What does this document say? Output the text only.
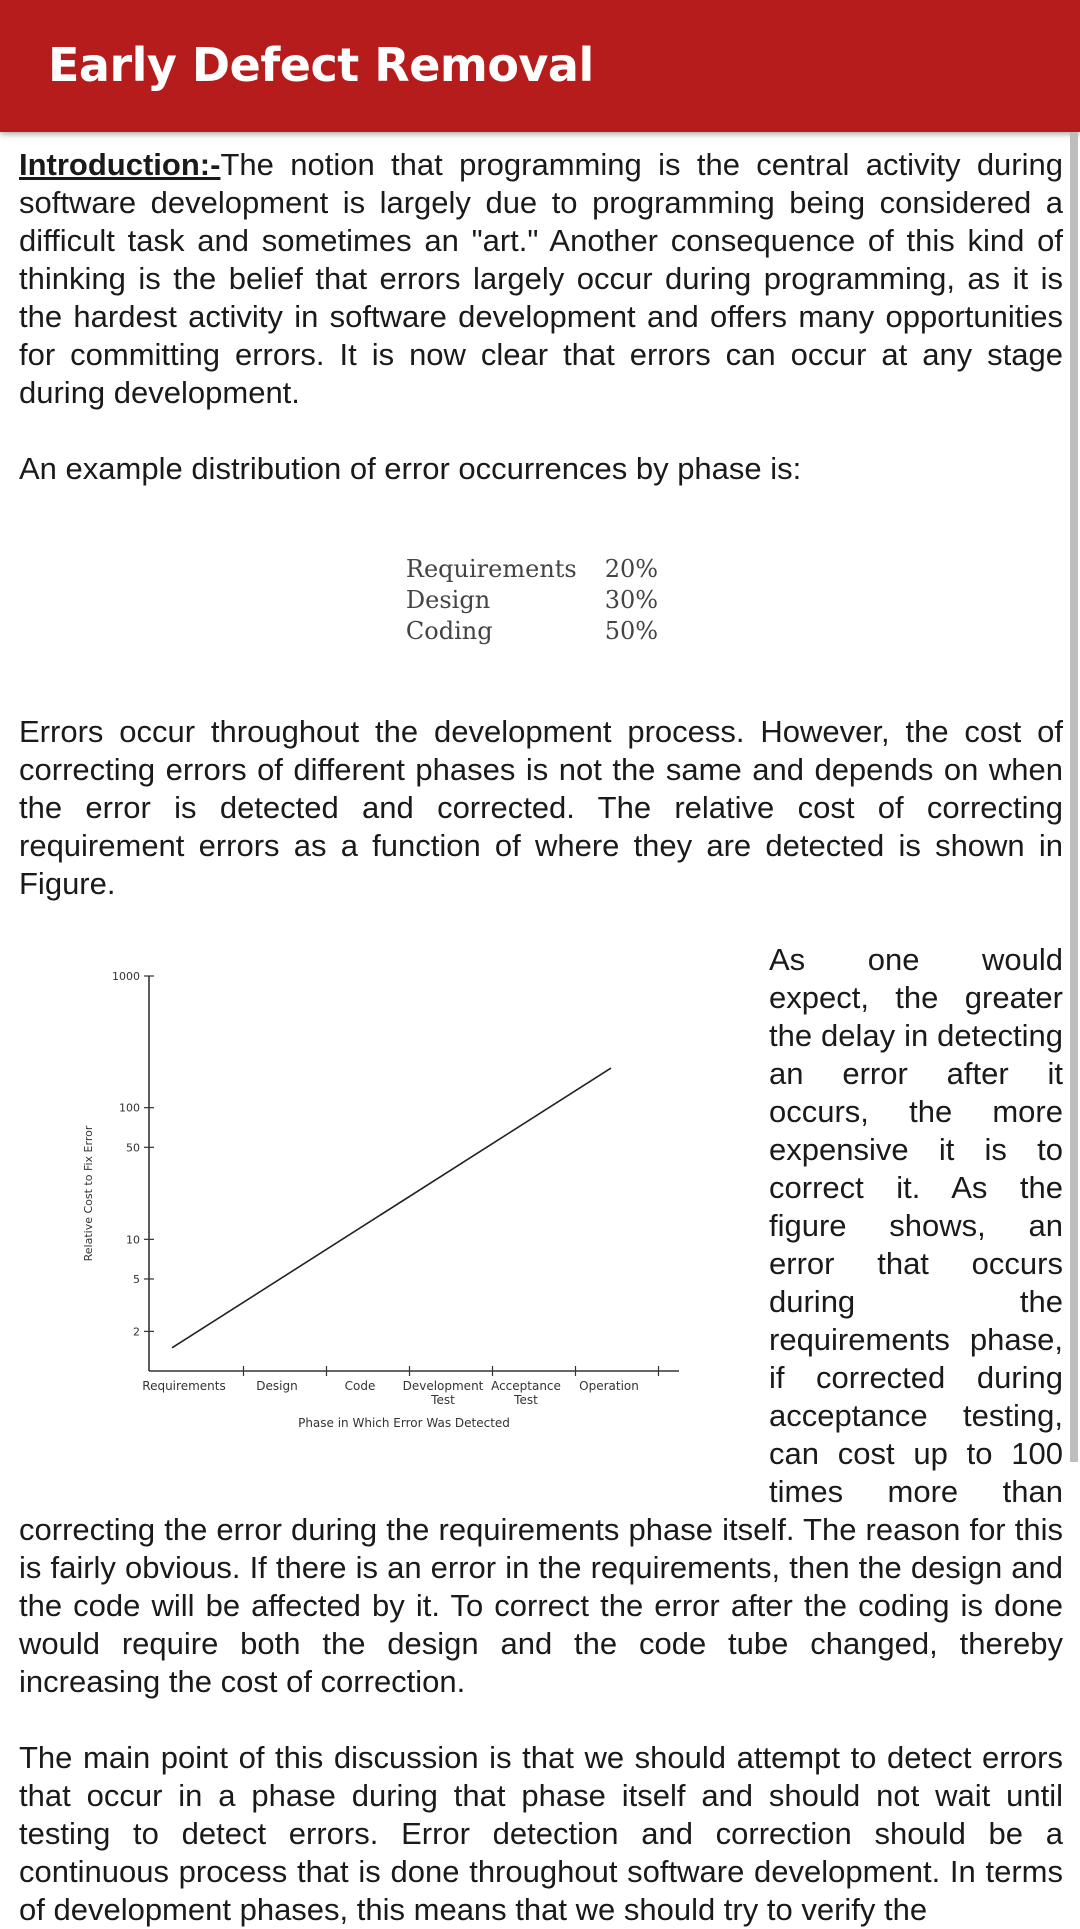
Early Defect Removal

Introduction:-The notion that programming is the central activity during software development is largely due to programming being considered a difficult task and sometimes an "art." Another consequence of this kind of thinking is the belief that errors largely occur during programming, as it is the hardest activity in software development and offers many opportunities for committing errors. It is now clear that errors can occur at any stage during development.

An example distribution of error occurrences by phase is:

Requirements	20%
Design	30%
Coding	50%

Errors occur throughout the development process. However, the cost of correcting errors of different phases is not the same and depends on when the error is detected and corrected. The relative cost of correcting requirement errors as a function of where they are detected is shown in Figure.

2
5
10
50
100
1000
Requirements	Design	Code Development Test
Acceptance Test
Operation
Phase in Which Error Was Detected
Relative Cost to Fix Error

As one would expect, the greater the delay in detecting an error after it occurs, the more expensive it is to correct it. As the figure shows, an error that occurs during the requirements phase, if corrected during acceptance testing, can cost up to 100 times more than correcting the error during the requirements phase itself. The reason for this is fairly obvious. If there is an error in the requirements, then the design and the code will be affected by it. To correct the error after the coding is done would require both the design and the code tube changed, thereby increasing the cost of correction.

The main point of this discussion is that we should attempt to detect errors that occur in a phase during that phase itself and should not wait until testing to detect errors. Error detection and correction should be a continuous process that is done throughout software development. In terms of development phases, this means that we should try to verify the
